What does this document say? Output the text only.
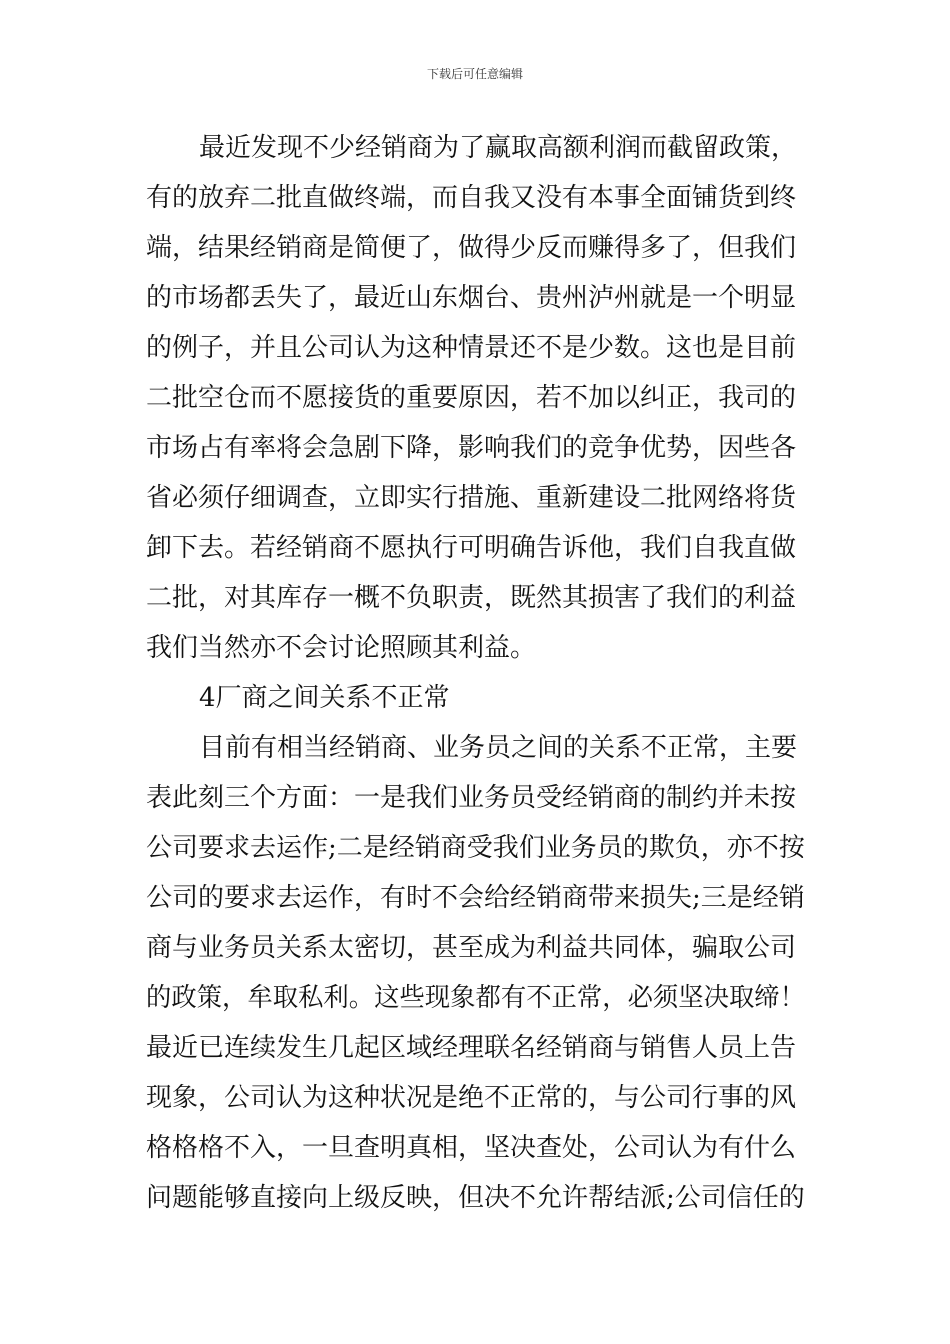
下载后可任意编辑
最近发现不少经销商为了赢取高额利润而截留政策，
有的放弃二批直做终端，而自我又没有本事全面铺货到终
端，结果经销商是简便了，做得少反而赚得多了，但我们
的市场都丢失了，最近山东烟台、贵州泸州就是一个明显
的例子，并且公司认为这种情景还不是少数。这也是目前
二批空仓而不愿接货的重要原因，若不加以纠正，我司的
市场占有率将会急剧下降，影响我们的竞争优势，因些各
省必须仔细调查，立即实行措施、重新建设二批网络将货
卸下去。若经销商不愿执行可明确告诉他，我们自我直做
二批，对其库存一概不负职责，既然其损害了我们的利益
我们当然亦不会讨论照顾其利益。
4厂商之间关系不正常
目前有相当经销商、业务员之间的关系不正常，主要
表此刻三个方面：一是我们业务员受经销商的制约并未按
公司要求去运作;二是经销商受我们业务员的欺负，亦不按
公司的要求去运作，有时不会给经销商带来损失;三是经销
商与业务员关系太密切，甚至成为利益共同体，骗取公司
的政策，牟取私利。这些现象都有不正常，必须坚决取缔！
最近已连续发生几起区域经理联名经销商与销售人员上告
现象，公司认为这种状况是绝不正常的，与公司行事的风
格格格不入，一旦查明真相，坚决查处，公司认为有什么
问题能够直接向上级反映，但决不允许帮结派;公司信任的
